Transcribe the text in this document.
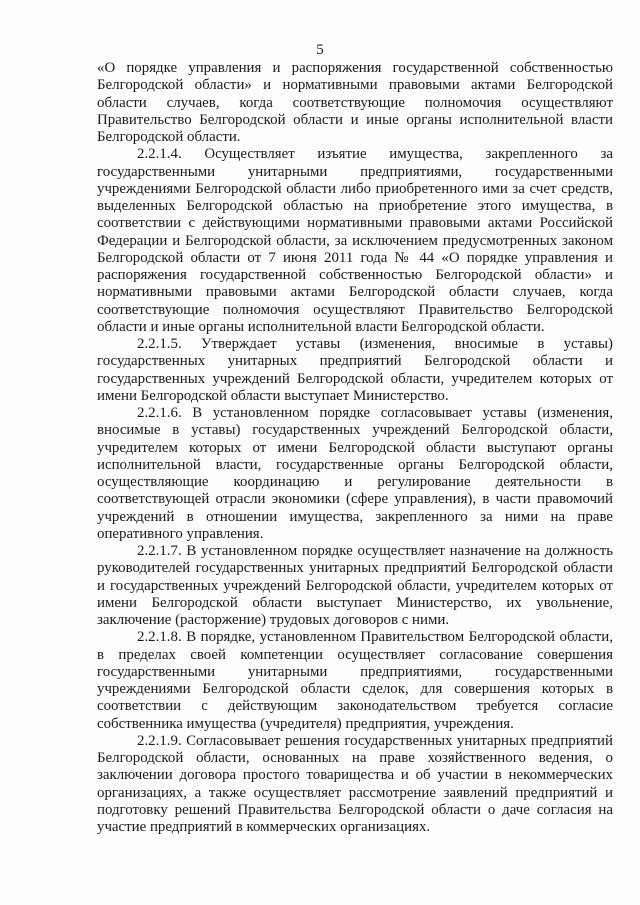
5

«О порядке управления и распоряжения государственной собственностью Белгородской области» и нормативными правовыми актами Белгородской области случаев, когда соответствующие полномочия осуществляют Правительство Белгородской области и иные органы исполнительной власти Белгородской области.

2.2.1.4. Осуществляет изъятие имущества, закрепленного за государственными унитарными предприятиями, государственными учреждениями Белгородской области либо приобретенного ими за счет средств, выделенных Белгородской областью на приобретение этого имущества, в соответствии с действующими нормативными правовыми актами Российской Федерации и Белгородской области, за исключением предусмотренных законом Белгородской области от 7 июня 2011 года № 44 «О порядке управления и распоряжения государственной собственностью Белгородской области» и нормативными правовыми актами Белгородской области случаев, когда соответствующие полномочия осуществляют Правительство Белгородской области и иные органы исполнительной власти Белгородской области.

2.2.1.5. Утверждает уставы (изменения, вносимые в уставы) государственных унитарных предприятий Белгородской области и государственных учреждений Белгородской области, учредителем которых от имени Белгородской области выступает Министерство.

2.2.1.6. В установленном порядке согласовывает уставы (изменения, вносимые в уставы) государственных учреждений Белгородской области, учредителем которых от имени Белгородской области выступают органы исполнительной власти, государственные органы Белгородской области, осуществляющие координацию и регулирование деятельности в соответствующей отрасли экономики (сфере управления), в части правомочий учреждений в отношении имущества, закрепленного за ними на праве оперативного управления.

2.2.1.7. В установленном порядке осуществляет назначение на должность руководителей государственных унитарных предприятий Белгородской области и государственных учреждений Белгородской области, учредителем которых от имени Белгородской области выступает Министерство, их увольнение, заключение (расторжение) трудовых договоров с ними.

2.2.1.8. В порядке, установленном Правительством Белгородской области, в пределах своей компетенции осуществляет согласование совершения государственными унитарными предприятиями, государственными учреждениями Белгородской области сделок, для совершения которых в соответствии с действующим законодательством требуется согласие собственника имущества (учредителя) предприятия, учреждения.

2.2.1.9. Согласовывает решения государственных унитарных предприятий Белгородской области, основанных на праве хозяйственного ведения, о заключении договора простого товарищества и об участии в некоммерческих организациях, а также осуществляет рассмотрение заявлений предприятий и подготовку решений Правительства Белгородской области о даче согласия на участие предприятий в коммерческих организациях.
